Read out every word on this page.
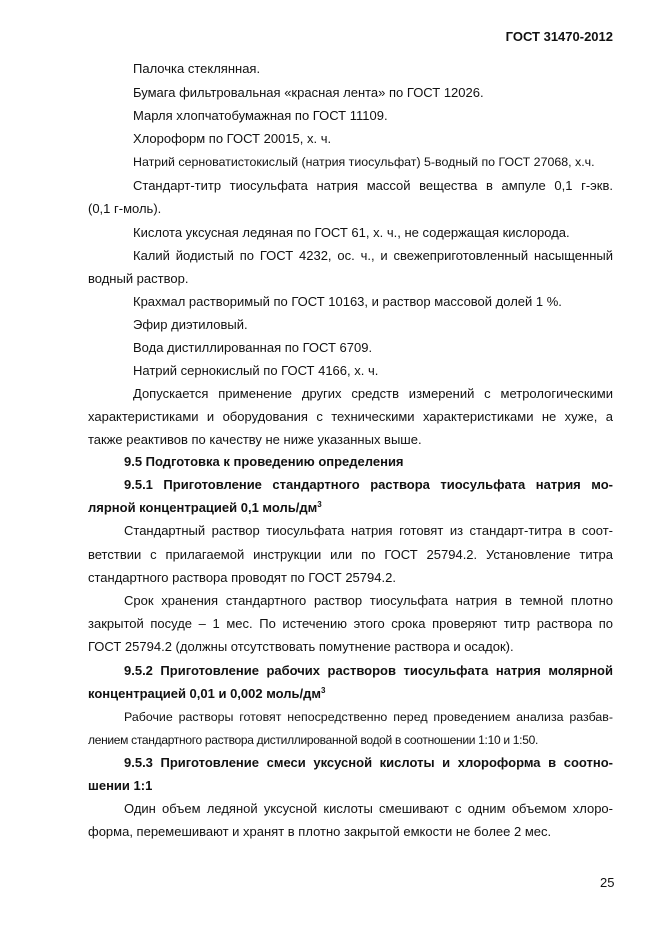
ГОСТ 31470-2012
Палочка стеклянная.
Бумага фильтровальная «красная лента» по ГОСТ 12026.
Марля хлопчатобумажная по ГОСТ 11109.
Хлороформ по ГОСТ 20015, х. ч.
Натрий серноватистокислый (натрия тиосульфат) 5-водный по ГОСТ 27068, х.ч.
Стандарт-титр тиосульфата натрия массой вещества в ампуле 0,1 г-экв.
(0,1 г-моль).
Кислота уксусная ледяная по ГОСТ 61, х. ч., не содержащая кислорода.
Калий йодистый по ГОСТ 4232, ос. ч., и свежеприготовленный насыщенный
водный раствор.
Крахмал растворимый по ГОСТ 10163, и раствор массовой долей 1 %.
Эфир диэтиловый.
Вода дистиллированная по ГОСТ 6709.
Натрий сернокислый по ГОСТ 4166, х. ч.
Допускается применение других средств измерений с метрологическими
характеристиками и оборудования с техническими характеристиками не хуже, а
также реактивов по качеству не ниже указанных выше.
9.5 Подготовка к проведению определения
9.5.1 Приготовление стандартного раствора тиосульфата натрия мо-
лярной концентрацией 0,1 моль/$дм^3$
Стандартный раствор тиосульфата натрия готовят из стандарт-титра в соот-
ветствии с прилагаемой инструкции или по ГОСТ 25794.2. Установление титра
стандартного раствора проводят по ГОСТ 25794.2.
Срок хранения стандартного раствор тиосульфата натрия в темной плотно
закрытой посуде – 1 мес. По истечению этого срока проверяют титр раствора по
ГОСТ 25794.2 (должны отсутствовать помутнение раствора и осадок).
9.5.2 Приготовление рабочих растворов тиосульфата натрия молярной
концентрацией 0,01 и 0,002 моль/$дм^3$
Рабочие растворы готовят непосредственно перед проведением анализа разбав-
лением стандартного раствора дистиллированной водой в соотношении 1:10 и 1:50.
9.5.3 Приготовление смеси уксусной кислоты и хлороформа в соотно-
шении 1:1
Один объем ледяной уксусной кислоты смешивают с одним объемом хлоро-
форма, перемешивают и хранят в плотно закрытой емкости не более 2 мес.
25
